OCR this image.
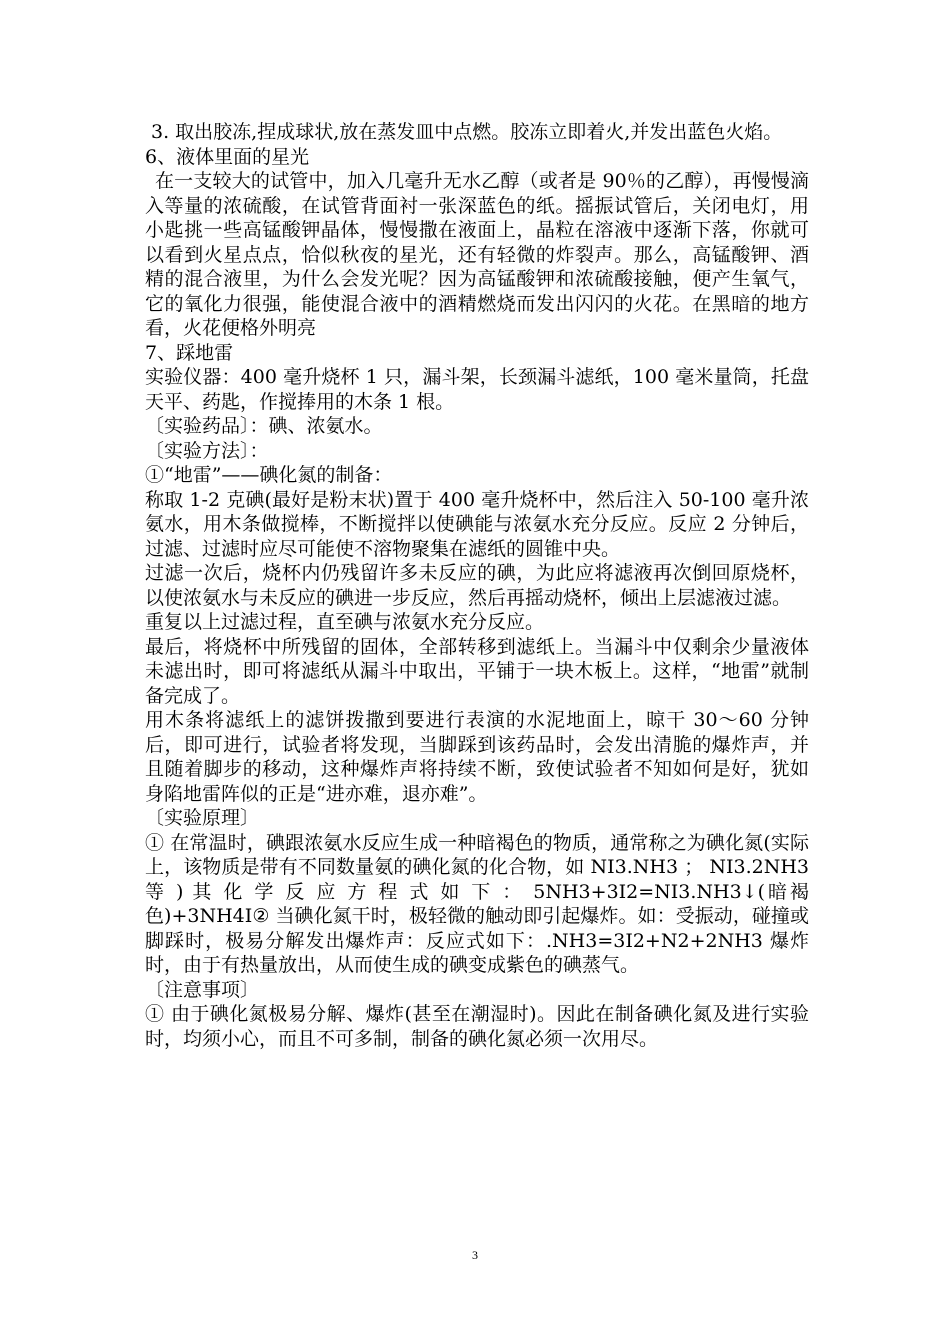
3. 取出胶冻,捏成球状,放在蒸发皿中点燃。胶冻立即着火,并发出蓝色火焰。

6、液体里面的星光

在一支较大的试管中，加入几毫升无水乙醇（或者是 90％的乙醇），再慢慢滴入等量的浓硫酸，在试管背面衬一张深蓝色的纸。摇振试管后，关闭电灯，用小匙挑一些高锰酸钾晶体，慢慢撒在液面上，晶粒在溶液中逐渐下落，你就可以看到火星点点，恰似秋夜的星光，还有轻微的炸裂声。那么，高锰酸钾、酒精的混合液里，为什么会发光呢？因为高锰酸钾和浓硫酸接触，便产生氧气，它的氧化力很强，能使混合液中的酒精燃烧而发出闪闪的火花。在黑暗的地方看，火花便格外明亮

7、踩地雷

实验仪器：400 毫升烧杯 1 只，漏斗架，长颈漏斗滤纸，100 毫米量筒，托盘天平、药匙，作搅捧用的木条 1 根。

〔实验药品〕：碘、浓氨水。

〔实验方法〕：

①“地雷”——碘化氮的制备：

称取 1-2 克碘(最好是粉末状)置于 400 毫升烧杯中，然后注入 50-100 毫升浓氨水，用木条做搅棒，不断搅拌以使碘能与浓氨水充分反应。反应 2 分钟后，过滤、过滤时应尽可能使不溶物聚集在滤纸的圆锥中央。

过滤一次后，烧杯内仍残留许多未反应的碘，为此应将滤液再次倒回原烧杯，以使浓氨水与未反应的碘进一步反应，然后再摇动烧杯，倾出上层滤液过滤。

重复以上过滤过程，直至碘与浓氨水充分反应。

最后，将烧杯中所残留的固体，全部转移到滤纸上。当漏斗中仅剩余少量液体未滤出时，即可将滤纸从漏斗中取出，平铺于一块木板上。这样，“地雷”就制备完成了。

用木条将滤纸上的滤饼拨撒到要进行表演的水泥地面上，晾干 30～60 分钟后，即可进行，试验者将发现，当脚踩到该药品时，会发出清脆的爆炸声，并且随着脚步的移动，这种爆炸声将持续不断，致使试验者不知如何是好，犹如身陷地雷阵似的正是“进亦难，退亦难”。

〔实验原理〕

① 在常温时，碘跟浓氨水反应生成一种暗褐色的物质，通常称之为碘化氮(实际上，该物质是带有不同数量氨的碘化氮的化合物，如 NI3.NH3 ； NI3.2NH3 等 ) 其 化 学 反 应 方 程 式 如 下 ： 5NH3+3I2=NI3.NH3↓(暗褐色)+3NH4I② 当碘化氮干时，极轻微的触动即引起爆炸。如：受振动，碰撞或脚踩时，极易分解发出爆炸声：反应式如下：.NH3=3I2+N2+2NH3 爆炸时，由于有热量放出，从而使生成的碘变成紫色的碘蒸气。

〔注意事项〕

① 由于碘化氮极易分解、爆炸(甚至在潮湿时)。因此在制备碘化氮及进行实验时，均须小心，而且不可多制，制备的碘化氮必须一次用尽。

3
